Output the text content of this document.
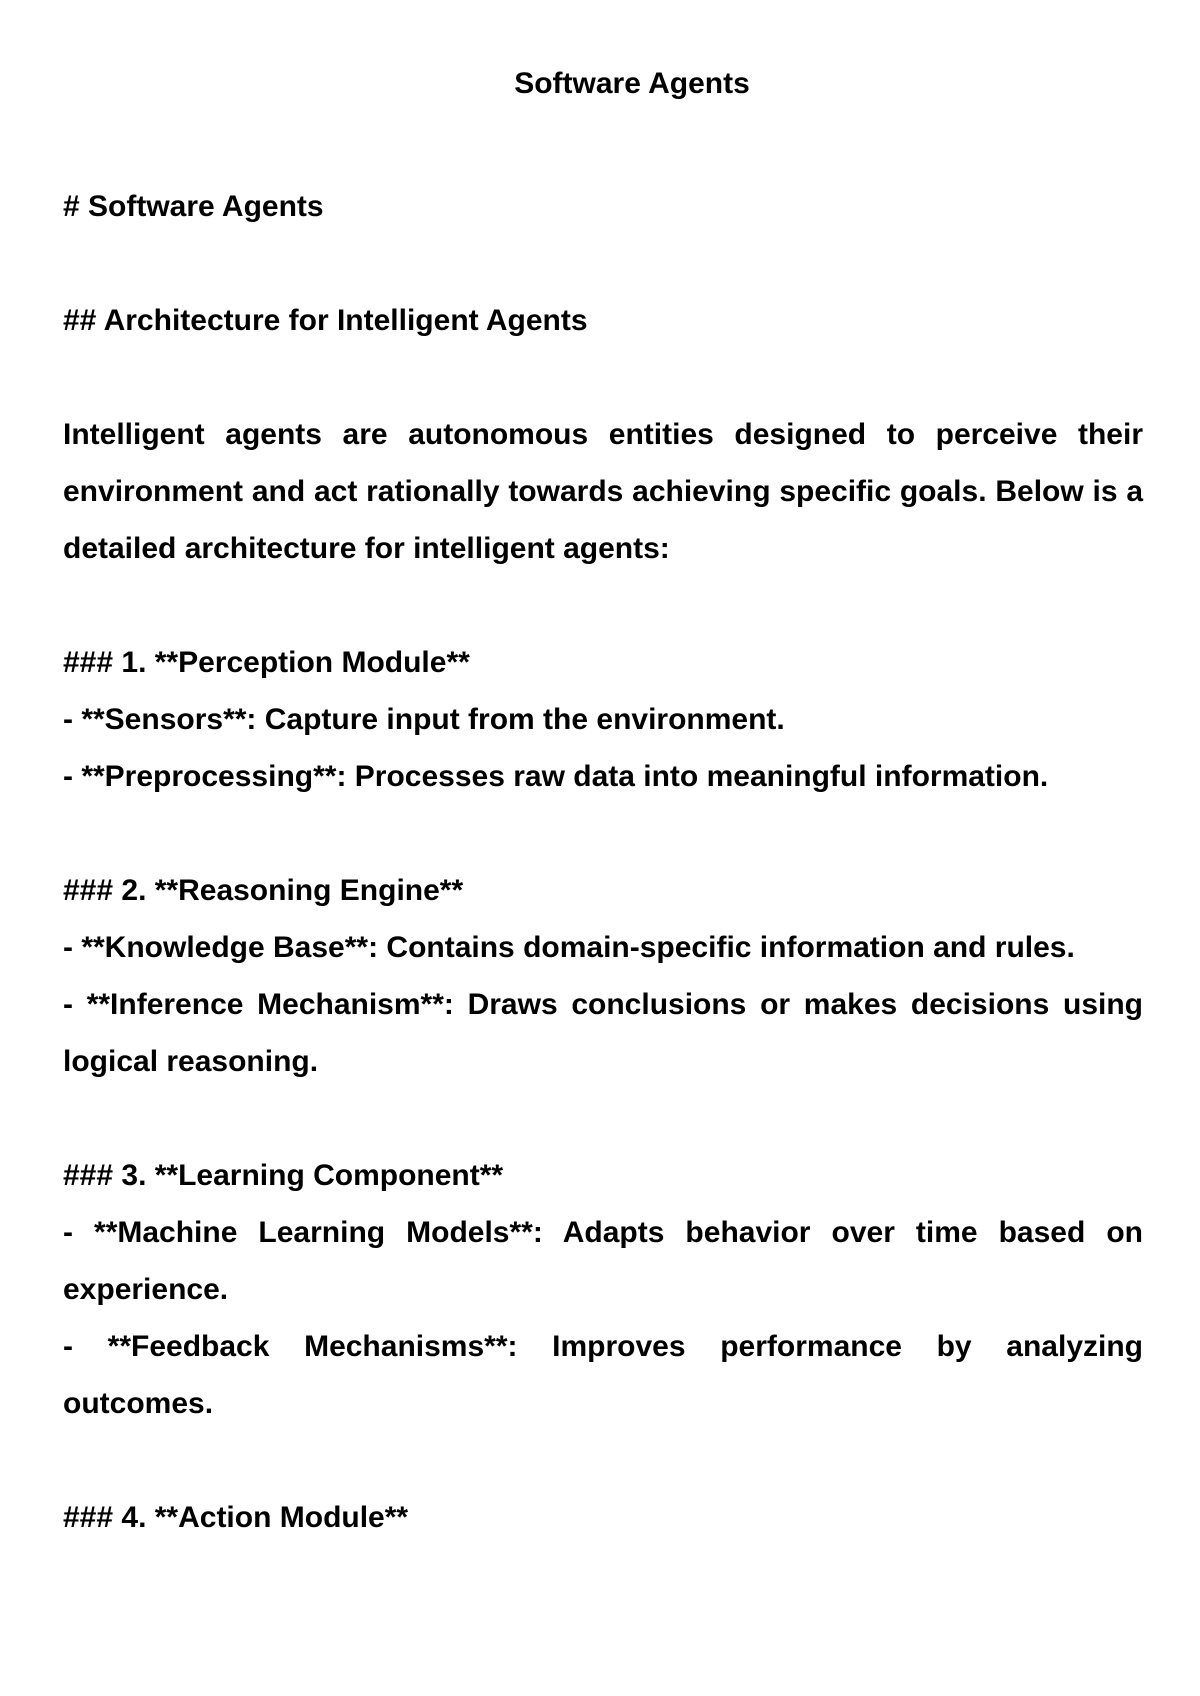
Software Agents

# Software Agents

## Architecture for Intelligent Agents

Intelligent agents are autonomous entities designed to perceive their environment and act rationally towards achieving specific goals. Below is a detailed architecture for intelligent agents:

### 1. **Perception Module**

- **Sensors**: Capture input from the environment.

- **Preprocessing**: Processes raw data into meaningful information.

### 2. **Reasoning Engine**

- **Knowledge Base**: Contains domain-specific information and rules.

- **Inference Mechanism**: Draws conclusions or makes decisions using logical reasoning.

### 3. **Learning Component**

- **Machine Learning Models**: Adapts behavior over time based on experience.

- **Feedback Mechanisms**: Improves performance by analyzing outcomes.

### 4. **Action Module**
